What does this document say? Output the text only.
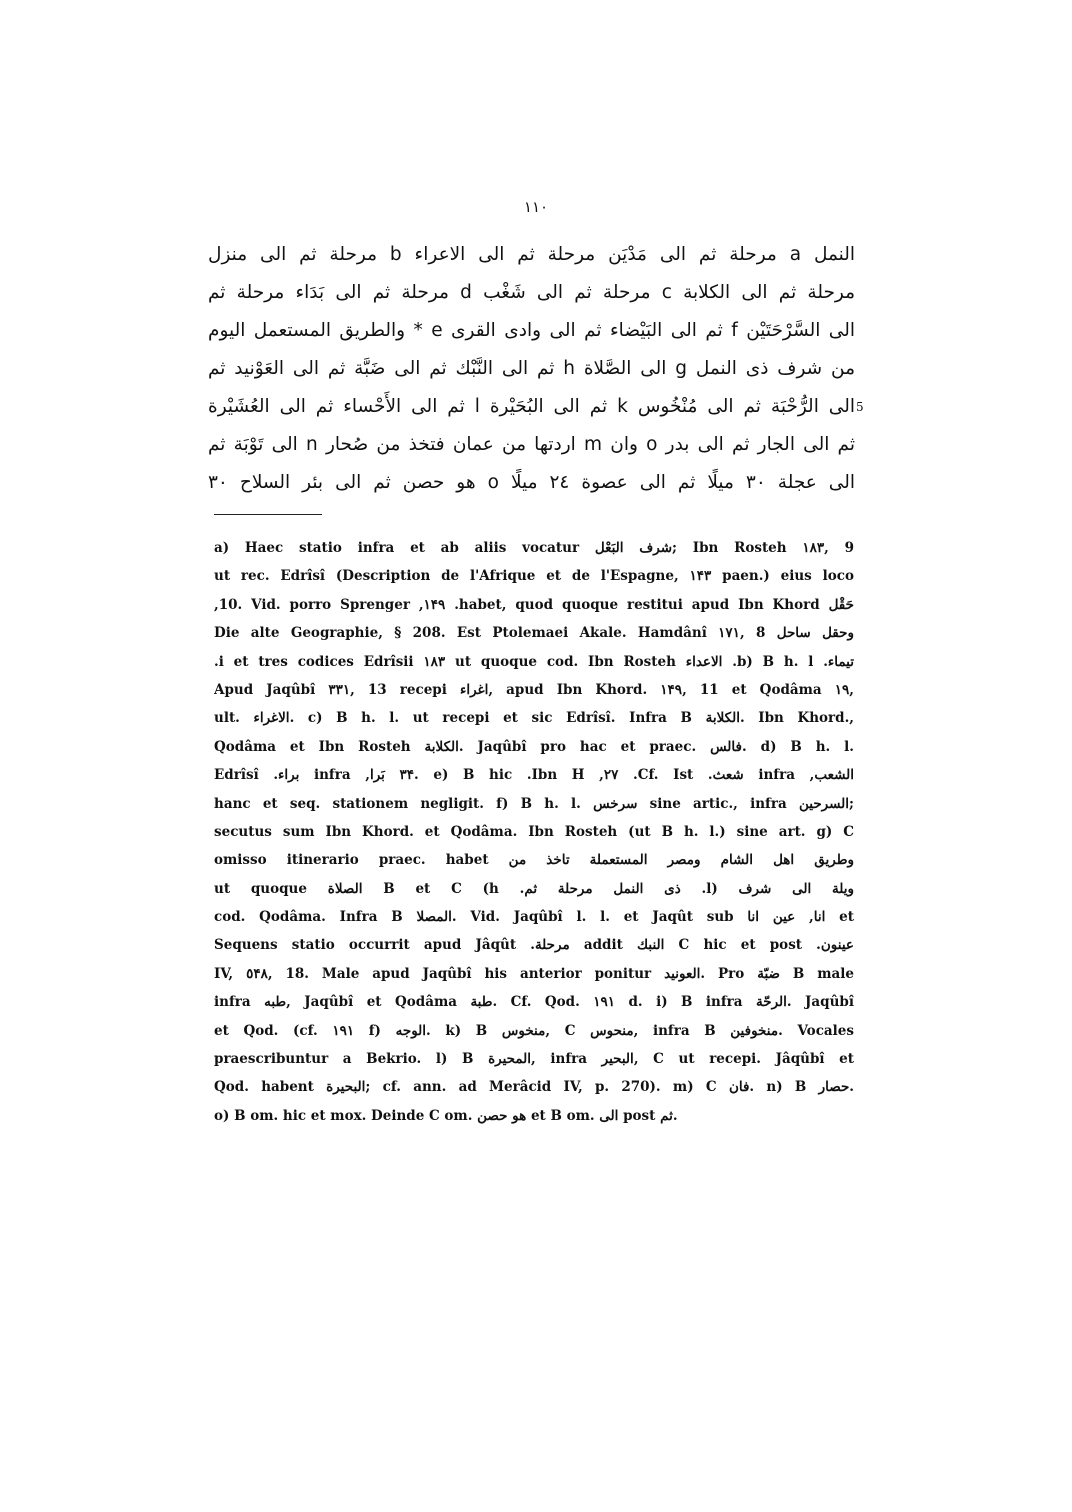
١١٠
النمل a مرحلة ثم الى مَدْيَن مرحلة ثم الى الاعراء b مرحلة ثم الى منزل
مرحلة ثم الى الكلابة c مرحلة ثم الى شَغْب d مرحلة ثم الى بَدَاء مرحلة ثم
الى السَّرْحَتَيْن f ثم الى البَيْضاء ثم الى وادى القرى e * والطريق المستعمل اليوم
من شرف ذى النمل g الى الصَّلاة h ثم الى النَّبْك ثم الى ضَبَّة ثم الى العَوْنيد ثم
الى الرُّحْبَة ثم الى مُنْخُوس k ثم الى البُحَيْرة l ثم الى الأَحْساء ثم الى العُشَيْرة
ثم الى الجار ثم الى بدر o وان m اردتها من عمان فتخذ من صُحار n الى تَوْبَة ثم
الى عجلة ٣٠ ميلًا ثم الى عصوة ٢٤ ميلًا o هو حصن ثم الى بئر السلاح ٣٠
5
a) Haec statio infra et ab aliis vocatur شرف البَعْل; Ibn Rosteh ١٨٣, 9
ut rec. Edrîsî (Description de l'Afrique et de l'Espagne, ١۴٣ paen.) eius loco
حَقْل habet, quod quoque restitui apud Ibn Khord. ١۴٩, 10. Vid. porro Sprenger,
Die alte Geographie, § 208. Est Ptolemaei Akale. Hamdânî ١٧١, 8 وحقل ساحل
تيماء. b) B h. l. الاعداء ut quoque cod. Ibn Rosteh ١٨٣ i et tres codices Edrîsii.
Apud Jaqûbî ٣٣١, 13 recepi اغراء, apud Ibn Khord. ١۴٩, 11 et Qodâma ١٩,
ult. الاغراء. c) B h. l. ut recepi et sic Edrîsî. Infra B الكلابة. Ibn Khord.,
Qodâma et Ibn Rosteh الكلابة. Jaqûbî pro hac et praec. فالس. d) B h. l.
الشعب, infra شعث. Cf. Ist. ٢٧, Ibn H. ٣۴. e) B hic بَرا, infra براء. Edrîsî
hanc et seq. stationem negligit. f) B h. l. سرخس sine artic., infra السرحين;
secutus sum Ibn Khord. et Qodâma. Ibn Rosteh (ut B h. l.) sine art. g) C
omisso itinerario praec. habet وطريق اهل الشام ومصر المستعملة تاخذ من
ويلة الى شرف (l. ذى النمل مرحلة ثم. h) B et C الصلاة ut quoque
cod. Qodâma. Infra B المصلا. Vid. Jaqûbî l. l. et Jaqût sub انا, عين انا et
عينون. C hic et post النبك addit مرحلة. Sequens statio occurrit apud Jâqût
IV, ٥۴٨, 18. Male apud Jaqûbî his anterior ponitur العونيد. Pro ضبّة B male
infra طبه, Jaqûbî et Qodâma طبة. Cf. Qod. ١٩١ d. i) B infra الرحّة. Jaqûbî
et Qod. (cf. ١٩١ f) الوجه. k) B منخوس, C منحوس, infra B منخوفين. Vocales
praescribuntur a Bekrio. l) B المحيرة, infra البحير, C ut recepi. Jâqûbî et
Qod. habent البحيرة; cf. ann. ad Merâcid IV, p. 270). m) C فان. n) B حصار.
o) B om. hic et mox. Deinde C om. هو حصن et B om. الى post ثم.
